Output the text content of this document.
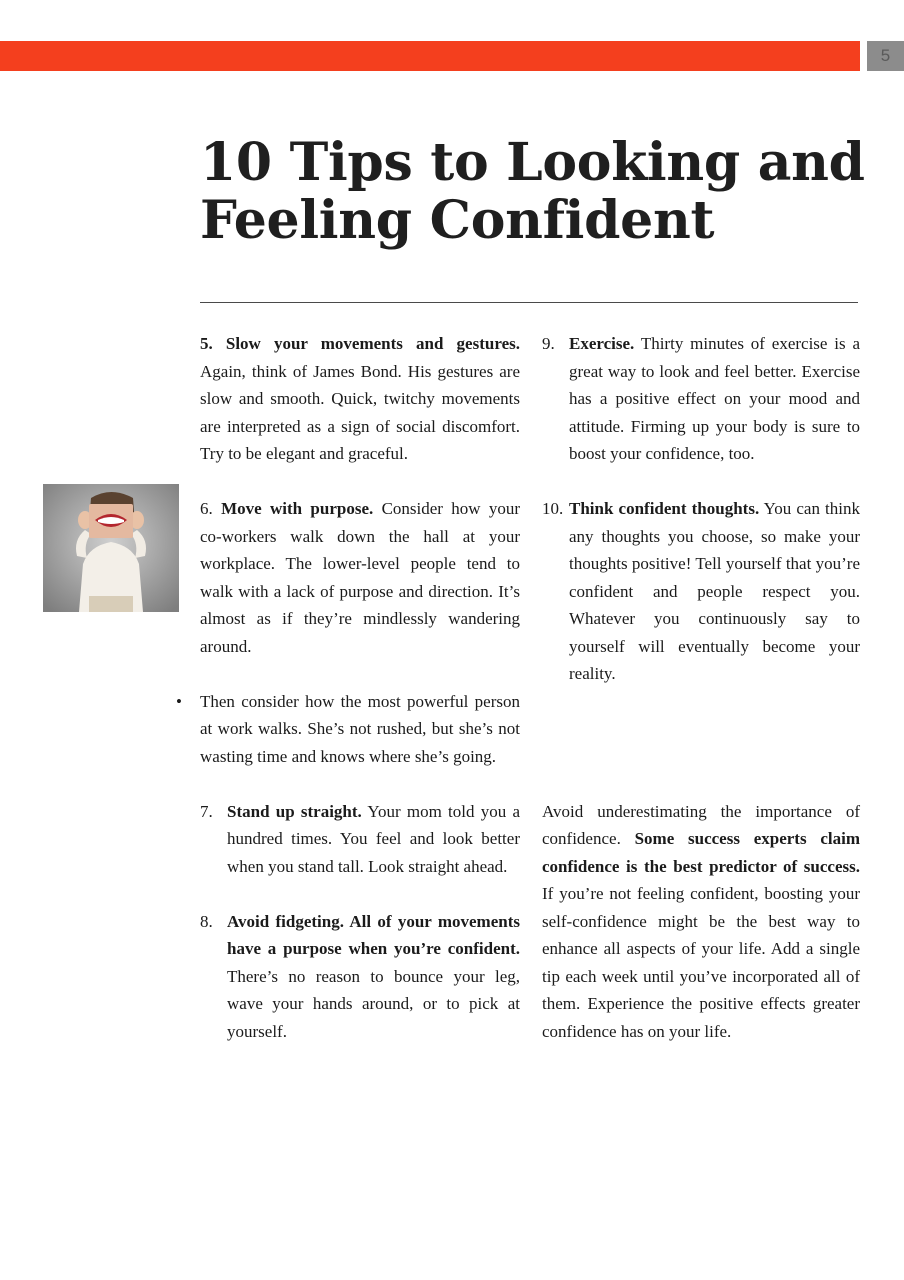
5
10 Tips to Looking and
Feeling Confident

5. Slow your movements and gestures. Again, think of James Bond. His gestures are slow and smooth. Quick, twitchy movements are interpreted as a sign of social discomfort. Try to be elegant and graceful.

6. Move with purpose. Consider how your co-workers walk down the hall at your workplace. The lower-level people tend to walk with a lack of purpose and direction. It’s almost as if they’re mindlessly wandering around.

• Then consider how the most powerful person at work walks. She’s not rushed, but she’s not wasting time and knows where she’s going.

7. Stand up straight. Your mom told you a hundred times. You feel and look better when you stand tall. Look straight ahead.

8. Avoid fidgeting. All of your movements have a purpose when you’re confident. There’s no reason to bounce your leg, wave your hands around, or to pick at yourself.

9. Exercise. Thirty minutes of exercise is a great way to look and feel better. Exercise has a positive effect on your mood and attitude. Firming up your body is sure to boost your confidence, too.

10. Think confident thoughts. You can think any thoughts you choose, so make your thoughts positive! Tell yourself that you’re confident and people respect you. Whatever you continuously say to yourself will eventually become your reality.

Avoid underestimating the importance of confidence. Some success experts claim confidence is the best predictor of success. If you’re not feeling confident, boosting your self-confidence might be the best way to enhance all aspects of your life. Add a single tip each week until you’ve incorporated all of them. Experience the positive effects greater confidence has on your life.
